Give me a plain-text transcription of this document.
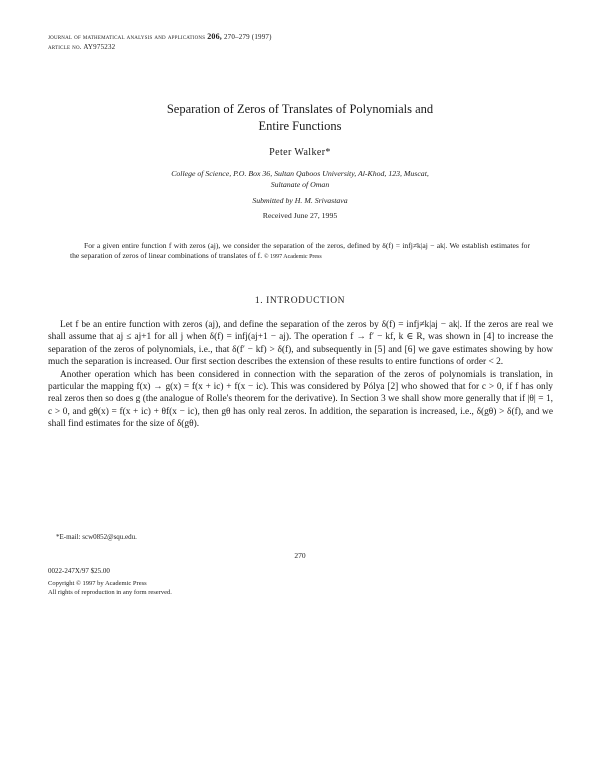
journal of mathematical analysis and applications 206, 270–279 (1997)
article no. AY975232
Separation of Zeros of Translates of Polynomials and
Entire Functions
Peter Walker*
College of Science, P.O. Box 36, Sultan Qaboos University, Al-Khod, 123, Muscat,
Sultanate of Oman
Submitted by H. M. Srivastava
Received June 27, 1995
For a given entire function f with zeros (aj), we consider the separation of the zeros, defined by δ(f) = infj≠k|aj − ak|. We establish estimates for the separation of zeros of linear combinations of translates of f. © 1997 Academic Press
1. INTRODUCTION

Let f be an entire function with zeros (aj), and define the separation of the zeros by δ(f) = infj≠k|aj − ak|. If the zeros are real we shall assume that aj ≤ aj+1 for all j when δ(f) = infj(aj+1 − aj). The operation f → f′ − kf, k ∈ R, was shown in [4] to increase the separation of the zeros of polynomials, i.e., that δ(f′ − kf) > δ(f), and subsequently in [5] and [6] we gave estimates showing by how much the separation is increased. Our first section describes the extension of these results to entire functions of order < 2.

Another operation which has been considered in connection with the separation of the zeros of polynomials is translation, in particular the mapping f(x) → g(x) = f(x + ic) + f(x − ic). This was considered by Pólya [2] who showed that for c > 0, if f has only real zeros then so does g (the analogue of Rolle's theorem for the derivative). In Section 3 we shall show more generally that if |θ| = 1, c > 0, and gθ(x) = f(x + ic) + θf(x − ic), then gθ has only real zeros. In addition, the separation is increased, i.e., δ(gθ) > δ(f), and we shall find estimates for the size of δ(gθ).

*E-mail: scw0852@squ.edu.
270
0022-247X/97 $25.00
Copyright © 1997 by Academic Press
All rights of reproduction in any form reserved.
